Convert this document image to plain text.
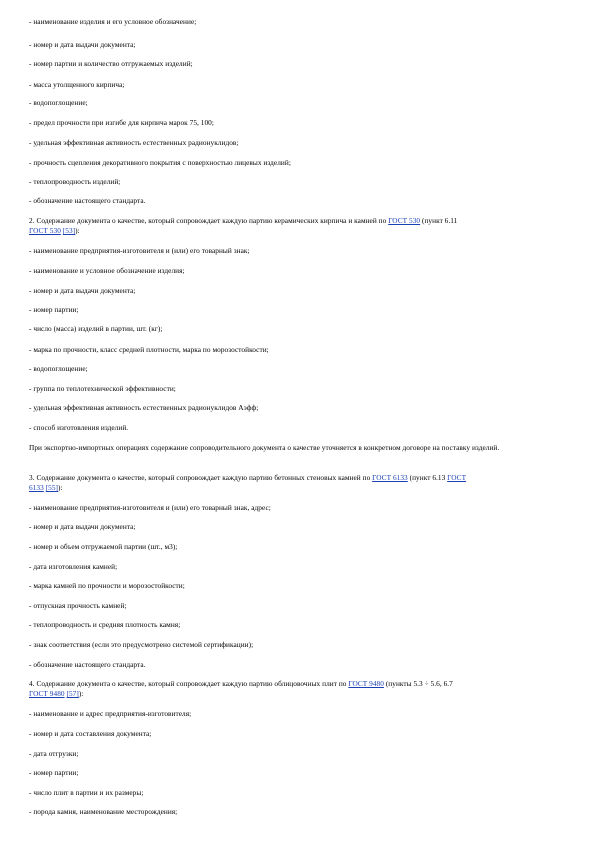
- наименование изделия и его условное обозначение;
- номер и дата выдачи документа;
- номер партии и количество отгружаемых изделий;
- масса утолщенного кирпича;
- водопоглощение;
- предел прочности при изгибе для кирпича марок 75, 100;
- удельная эффективная активность естественных радионуклидов;
- прочность сцепления декоративного покрытия с поверхностью лицевых изделий;
- теплопроводность изделий;
- обозначение настоящего стандарта.
2. Содержание документа о качестве, который сопровождает каждую партию керамических кирпича и камней по ГОСТ 530 (пункт 6.11
ГОСТ 530 [53]):
- наименование предприятия-изготовителя и (или) его товарный знак;
- наименование и условное обозначение изделия;
- номер и дата выдачи документа;
- номер партии;
- число (масса) изделий в партии, шт. (кг);
- марка по прочности, класс средней плотности, марка по морозостойкости;
- водопоглощение;
- группа по теплотехнической эффективности;
- удельная эффективная активность естественных радионуклидов Аэфф;
- способ изготовления изделий.
При экспортно-импортных операциях содержание сопроводительного документа о качестве уточняется в конкретном договоре на поставку изделий.
3. Содержание документа о качестве, который сопровождает каждую партию бетонных стеновых камней по ГОСТ 6133 (пункт 6.13 ГОСТ
6133 [55]):
- наименование предприятия-изготовителя и (или) его товарный знак, адрес;
- номер и дата выдачи документа;
- номер и объем отгружаемой партии (шт., м3);
- дата изготовления камней;
- марка камней по прочности и морозостойкости;
- отпускная прочность камней;
- теплопроводность и средняя плотность камня;
- знак соответствия (если это предусмотрено системой сертификации);
- обозначение настоящего стандарта.
4. Содержание документа о качестве, который сопровождает каждую партию облицовочных плит по ГОСТ 9480 (пункты 5.3 ÷ 5.6, 6.7
ГОСТ 9480 [57]):
- наименование и адрес предприятия-изготовителя;
- номер и дата составления документа;
- дата отгрузки;
- номер партии;
- число плит в партии и их размеры;
- порода камня, наименование месторождения;
